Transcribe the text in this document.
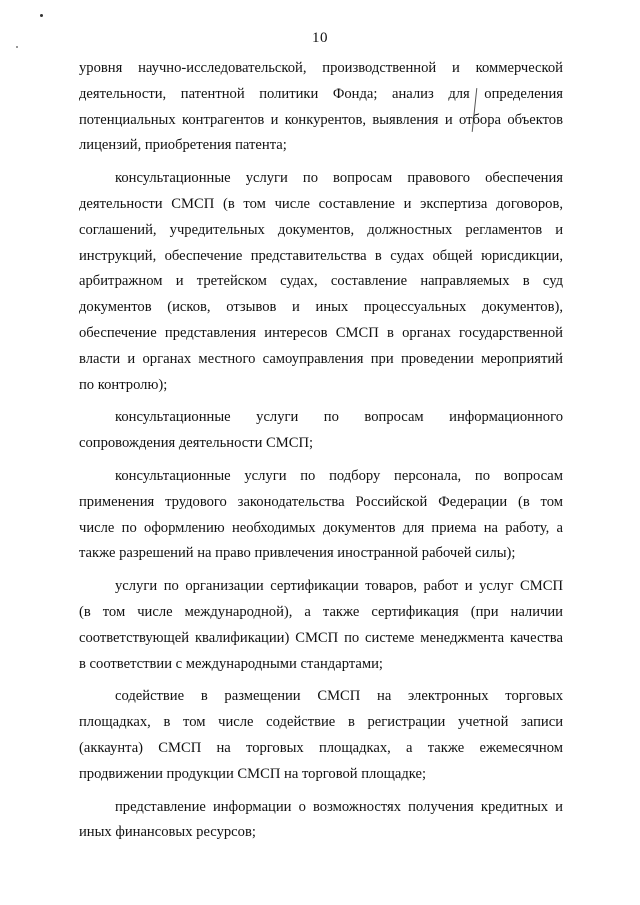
10

уровня научно-исследовательской, производственной и коммерческой
деятельности, патентной политики Фонда; анализ для определения
потенциальных контрагентов и конкурентов, выявления и отбора объектов
лицензий, приобретения патента;

консультационные услуги по вопросам правового обеспечения
деятельности СМСП (в том числе составление и экспертиза договоров,
соглашений, учредительных документов, должностных регламентов и
инструкций, обеспечение представительства в судах общей юрисдикции,
арбитражном и третейском судах, составление направляемых в суд
документов (исков, отзывов и иных процессуальных документов),
обеспечение представления интересов СМСП в органах государственной
власти и органах местного самоуправления при проведении мероприятий
по контролю);

консультационные услуги по вопросам информационного
сопровождения деятельности СМСП;

консультационные услуги по подбору персонала, по вопросам
применения трудового законодательства Российской Федерации (в том
числе по оформлению необходимых документов для приема на работу, а
также разрешений на право привлечения иностранной рабочей силы);

услуги по организации сертификации товаров, работ и услуг СМСП
(в том числе международной), а также сертификация (при наличии
соответствующей квалификации) СМСП по системе менеджмента качества
в соответствии с международными стандартами;

содействие в размещении СМСП на электронных торговых
площадках, в том числе содействие в регистрации учетной записи
(аккаунта) СМСП на торговых площадках, а также ежемесячном
продвижении продукции СМСП на торговой площадке;

представление информации о возможностях получения кредитных и
иных финансовых ресурсов;
